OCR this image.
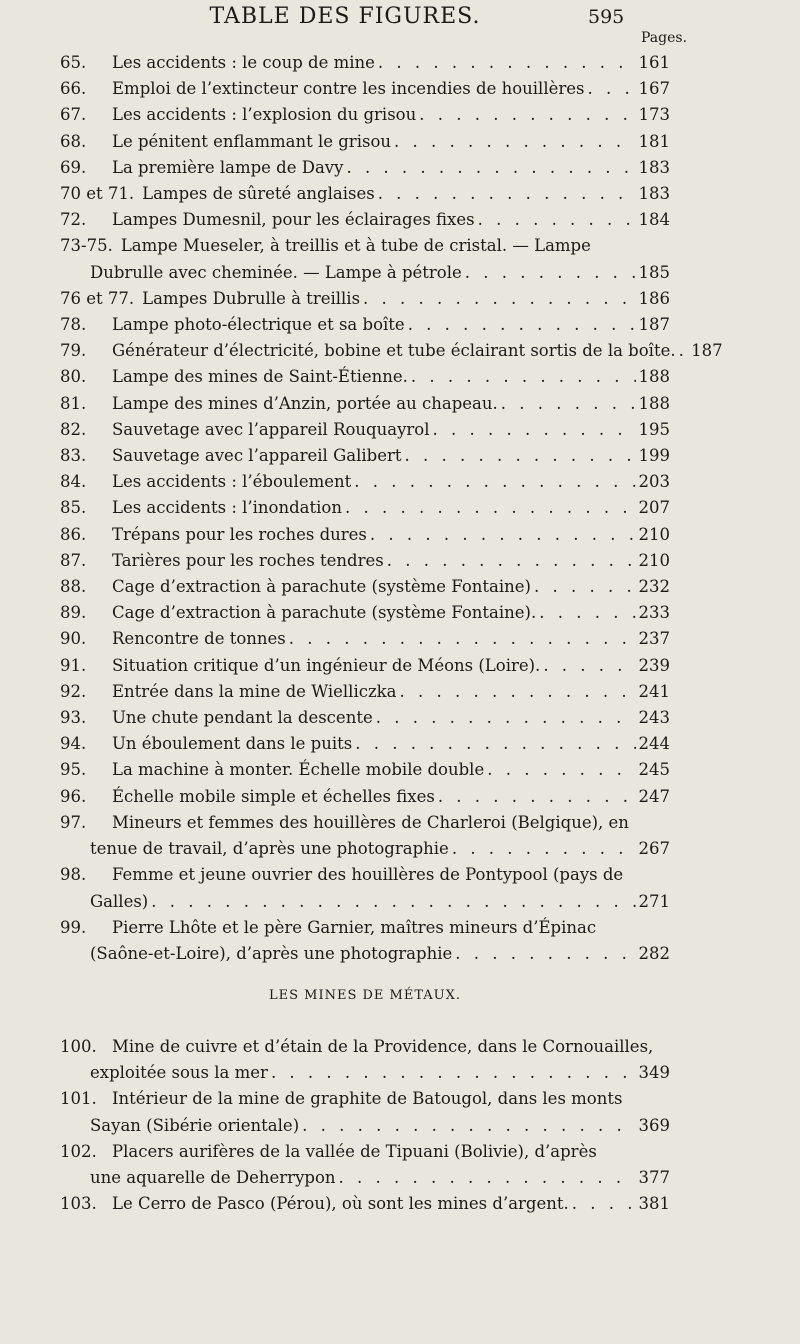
TABLE DES FIGURES.	595
Pages.
65.	Les accidents : le coup de mine . . .	161
66.	Emploi de l’extincteur contre les incendies de houillères . . .	167
67.	Les accidents : l’explosion du grisou . . .	173
68.	Le pénitent enflammant le grisou . . .	181
69.	La première lampe de Davy . . .	183
70 et 71. Lampes de sûreté anglaises . . .	183
72.	Lampes Dumesnil, pour les éclairages fixes . . .	184
73-75. Lampe Mueseler, à treillis et à tube de cristal. — Lampe
Dubrulle avec cheminée. — Lampe à pétrole . . .	185
76 et 77. Lampes Dubrulle à treillis . . .	186
78.	Lampe photo-électrique et sa boîte . . .	187
79.	Générateur d’électricité, bobine et tube éclairant sortis de la boîte. . . . 187
80.	Lampe des mines de Saint-Étienne. . . .	188
81.	Lampe des mines d’Anzin, portée au chapeau. . . .	188
82.	Sauvetage avec l’appareil Rouquayrol . . .	195
83.	Sauvetage avec l’appareil Galibert . . .	199
84.	Les accidents : l’éboulement . . .	203
85.	Les accidents : l’inondation . . .	207
86.	Trépans pour les roches dures . . .	210
87.	Tarières pour les roches tendres . . .	210
88.	Cage d’extraction à parachute (système Fontaine) . . .	232
89.	Cage d’extraction à parachute (système Fontaine). . . .	233
90.	Rencontre de tonnes . . .	237
91.	Situation critique d’un ingénieur de Méons (Loire). . . .	239
92.	Entrée dans la mine de Wielliczka . . .	241
93.	Une chute pendant la descente . . .	243
94.	Un éboulement dans le puits . . .	244
95.	La machine à monter. Échelle mobile double . . .	245
96.	Échelle mobile simple et échelles fixes . . .	247
97.	Mineurs et femmes des houillères de Charleroi (Belgique), en
tenue de travail, d’après une photographie . . .	267
98.	Femme et jeune ouvrier des houillères de Pontypool (pays de
Galles) . . .	271
99.	Pierre Lhôte et le père Garnier, maîtres mineurs d’Épinac
(Saône-et-Loire), d’après une photographie . . .	282
LES MINES DE MÉTAUX.
100. Mine de cuivre et d’étain de la Providence, dans le Cornouailles,
exploitée sous la mer . . .	349
101. Intérieur de la mine de graphite de Batougol, dans les monts
Sayan (Sibérie orientale) . . .	369
102. Placers aurifères de la vallée de Tipuani (Bolivie), d’après
une aquarelle de Deherrypon . . .	377
103. Le Cerro de Pasco (Pérou), où sont les mines d’argent. . . .	381
